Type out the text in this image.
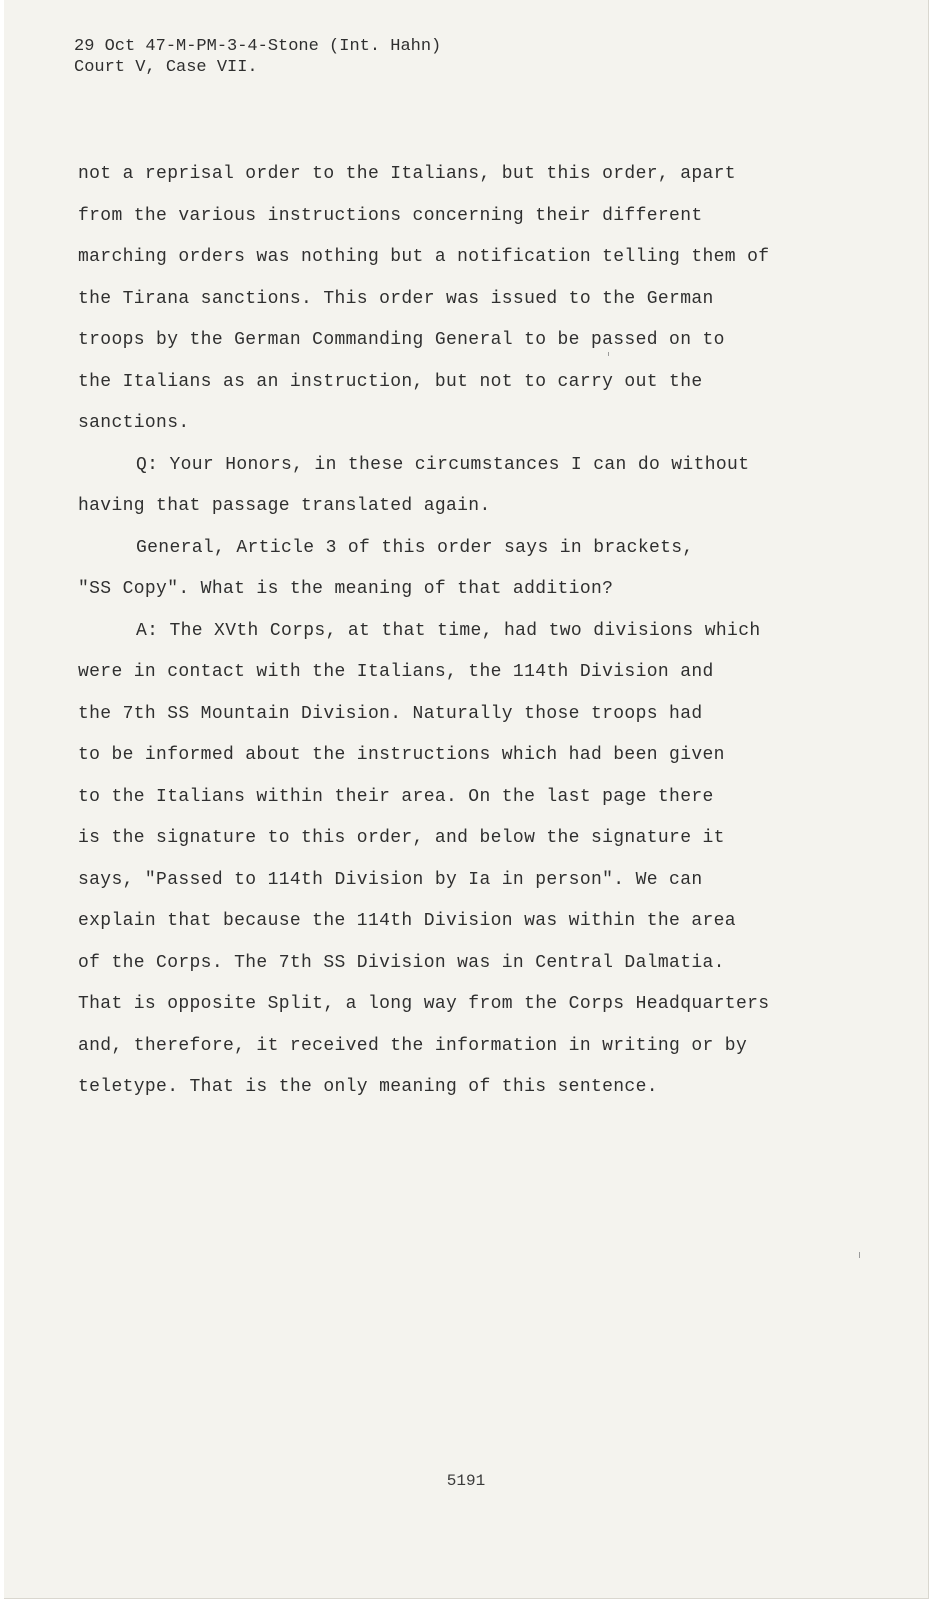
29 Oct 47-M-PM-3-4-Stone (Int. Hahn)
Court V, Case VII.
not a reprisal order to the Italians, but this order, apart
from the various instructions concerning their different
marching orders was nothing but a notification telling them of
the Tirana sanctions. This order was issued to the German
troops by the German Commanding General to be passed on to
the Italians as an instruction, but not to carry out the
sanctions.
Q: Your Honors, in these circumstances I can do without
having that passage translated again.
General, Article 3 of this order says in brackets,
"SS Copy". What is the meaning of that addition?
A: The XVth Corps, at that time, had two divisions which
were in contact with the Italians, the 114th Division and
the 7th SS Mountain Division. Naturally those troops had
to be informed about the instructions which had been given
to the Italians within their area. On the last page there
is the signature to this order, and below the signature it
says, "Passed to 114th Division by Ia in person". We can
explain that because the 114th Division was within the area
of the Corps. The 7th SS Division was in Central Dalmatia.
That is opposite Split, a long way from the Corps Headquarters
and, therefore, it received the information in writing or by
teletype. That is the only meaning of this sentence.
5191
